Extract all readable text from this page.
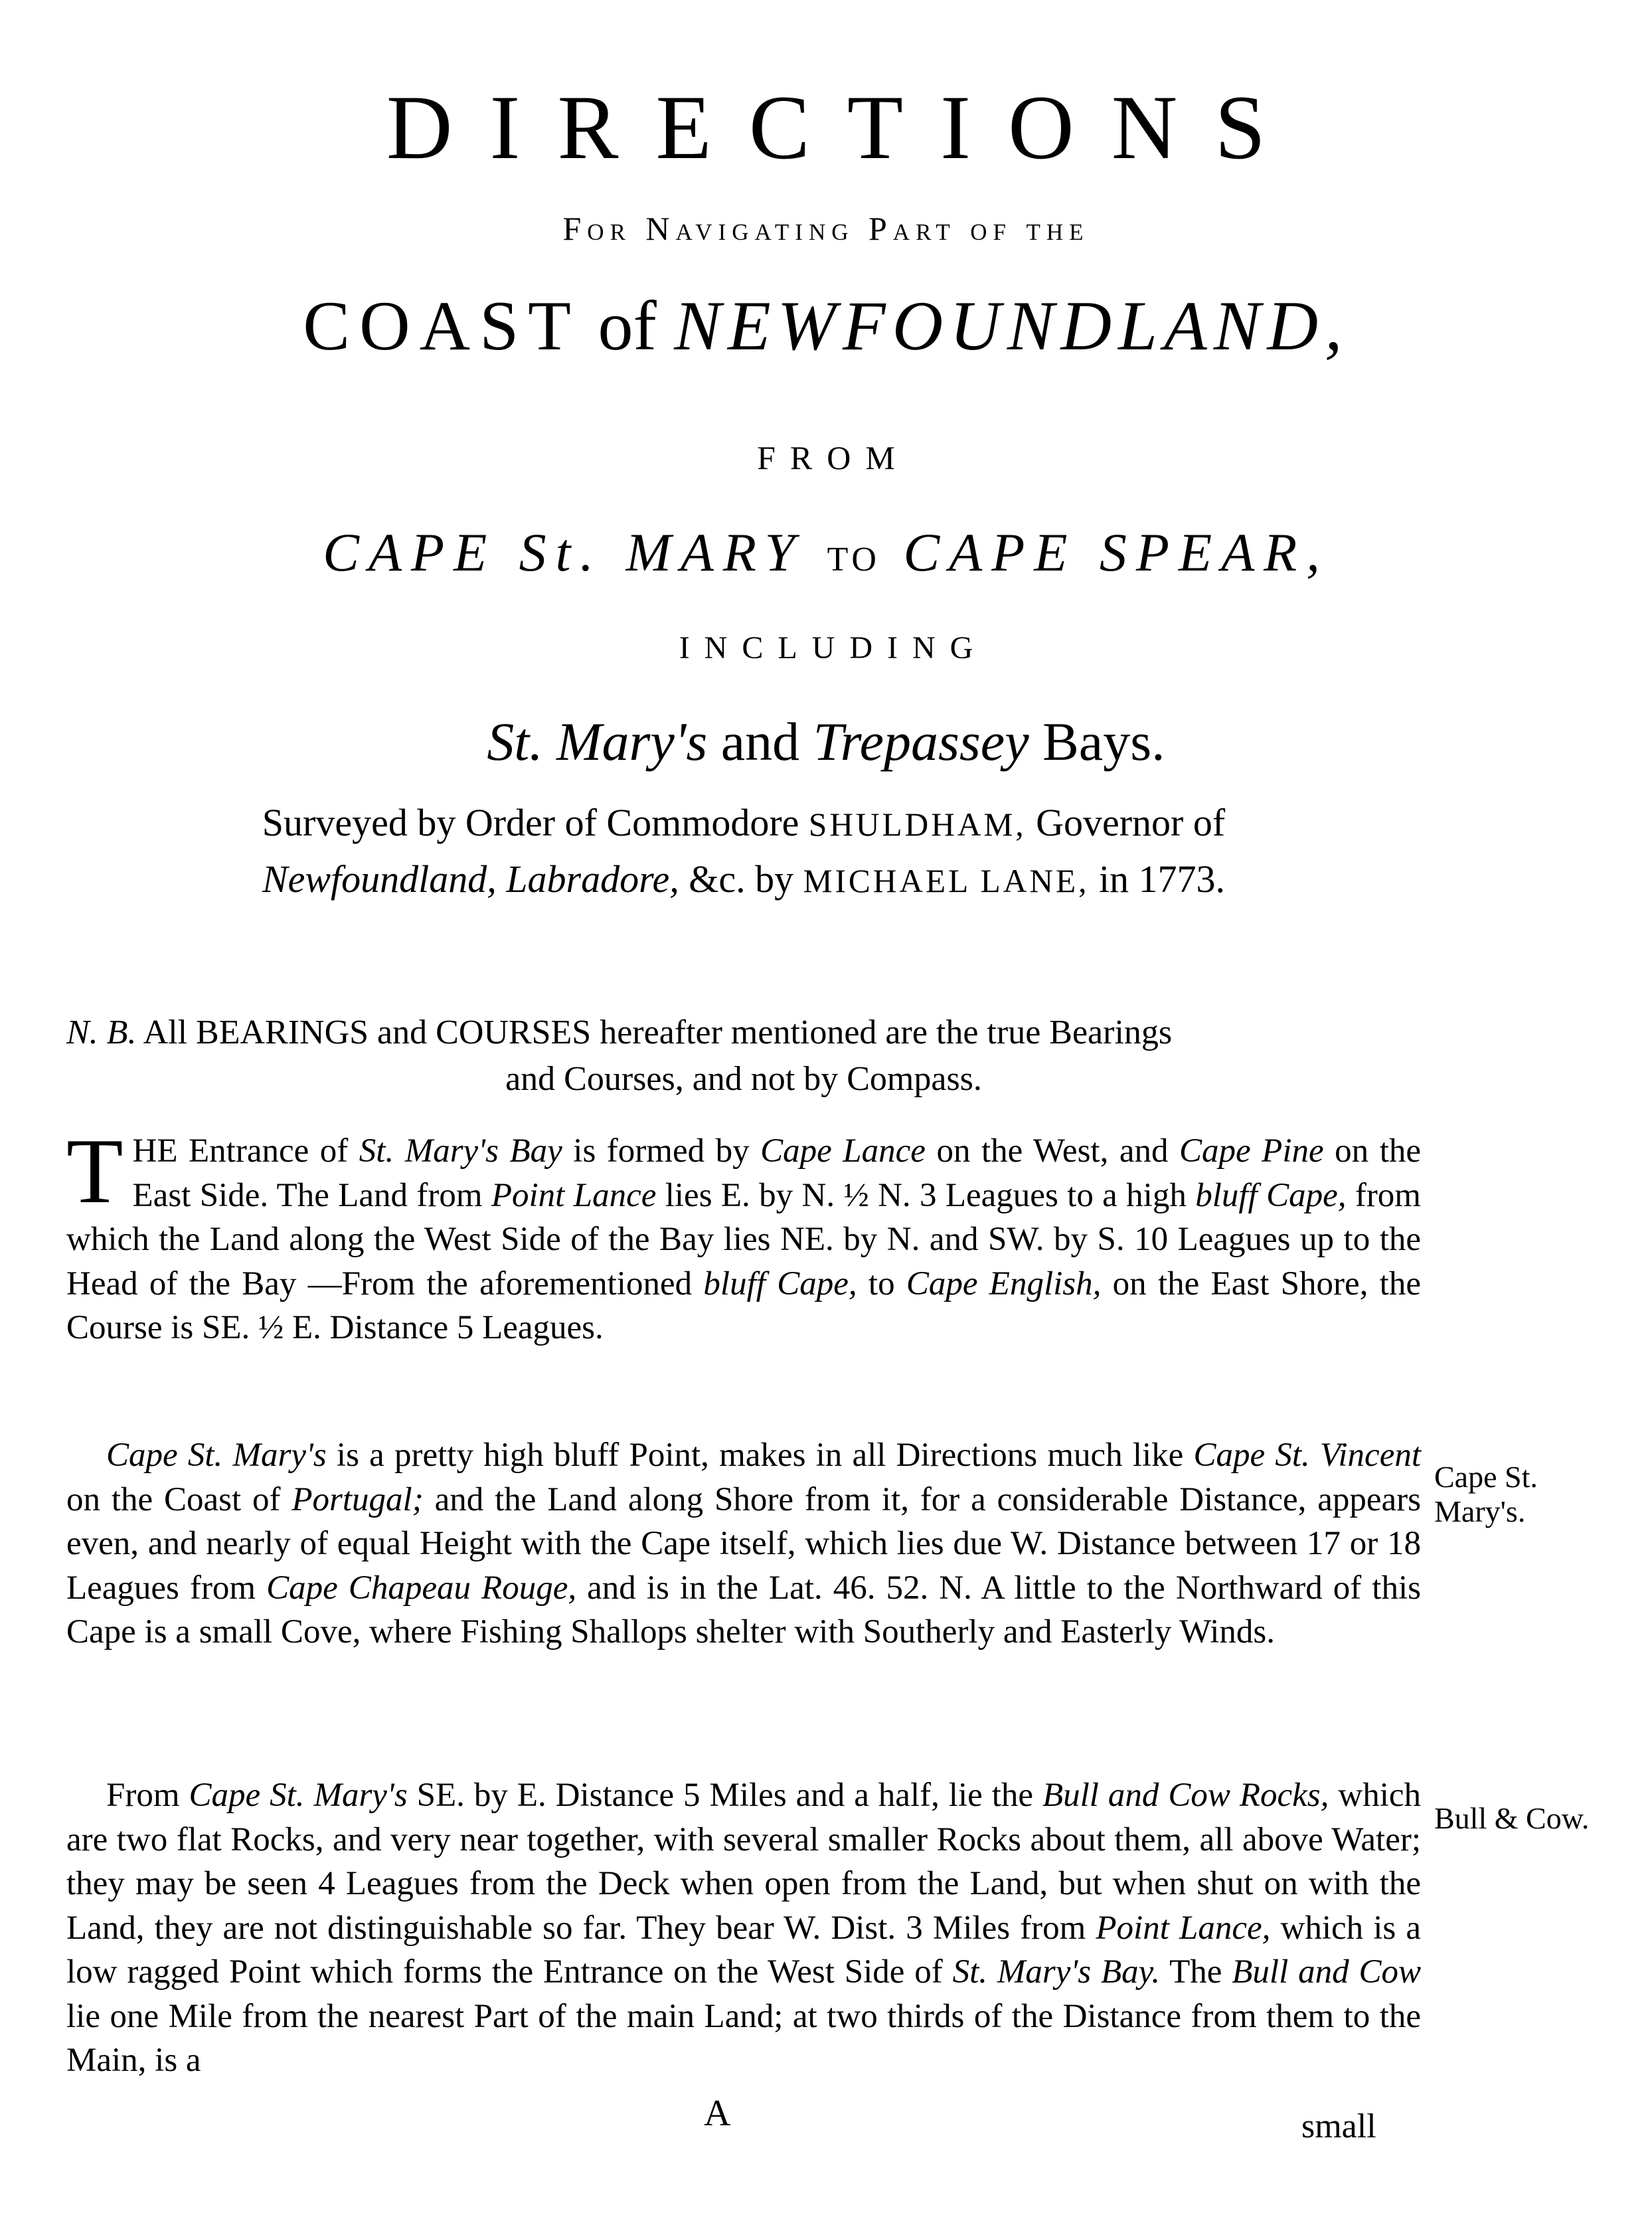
DIRECTIONS
For Navigating Part of the
COAST of NEWFOUNDLAND,
FROM
CAPE St. MARY TO CAPE SPEAR,
INCLUDING
St. Mary's and Trepassey Bays.
Surveyed by Order of Commodore SHULDHAM, Governor of
Newfoundland, Labradore, &c. by MICHAEL LANE, in 1773.
N. B. All BEARINGS and COURSES hereafter mentioned are the true Bearings
and Courses, and not by Compass.

THE Entrance of St. Mary's Bay is formed by Cape Lance on the West, and Cape Pine on the East Side. The Land from Point Lance lies E. by N. ½ N. 3 Leagues to a high bluff Cape, from which the Land along the West Side of the Bay lies NE. by N. and SW. by S. 10 Leagues up to the Head of the Bay —From the aforementioned bluff Cape, to Cape English, on the East Shore, the Course is SE. ½ E. Distance 5 Leagues.

Cape St. Mary's is a pretty high bluff Point, makes in all Directions much like Cape St. Vincent on the Coast of Portugal; and the Land along Shore from it, for a considerable Distance, appears even, and nearly of equal Height with the Cape itself, which lies due W. Distance between 17 or 18 Leagues from Cape Chapeau Rouge, and is in the Lat. 46. 52. N. A little to the Northward of this Cape is a small Cove, where Fishing Shallops shelter with Southerly and Easterly Winds.

From Cape St. Mary's SE. by E. Distance 5 Miles and a half, lie the Bull and Cow Rocks, which are two flat Rocks, and very near together, with several smaller Rocks about them, all above Water; they may be seen 4 Leagues from the Deck when open from the Land, but when shut on with the Land, they are not distinguishable so far. They bear W. Dist. 3 Miles from Point Lance, which is a low ragged Point which forms the Entrance on the West Side of St. Mary's Bay. The Bull and Cow lie one Mile from the nearest Part of the main Land; at two thirds of the Distance from them to the Main, is a

Cape St.
Mary's.
Bull & Cow.
A	small
